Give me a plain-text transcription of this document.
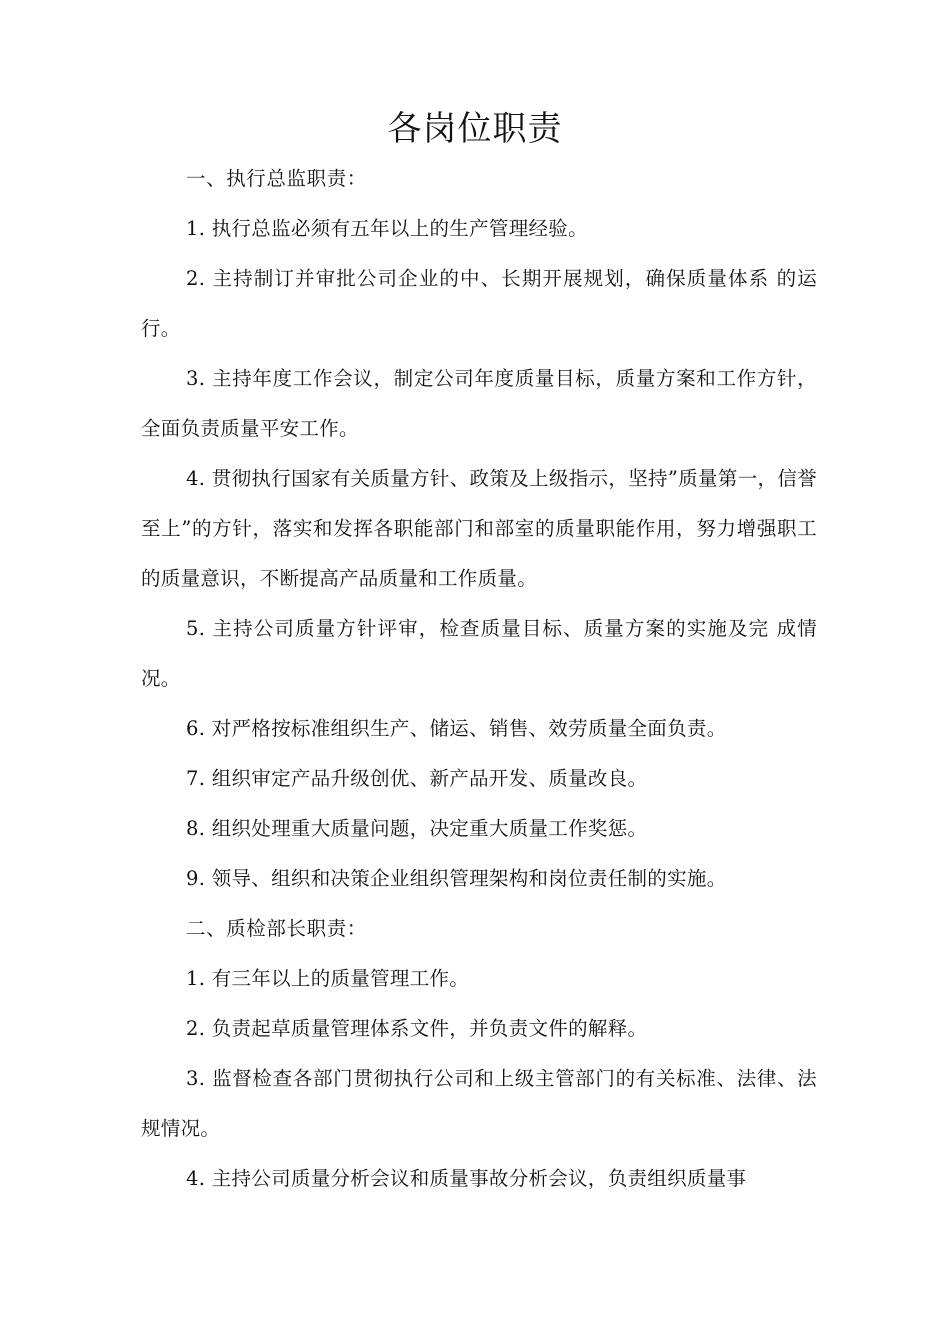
各岗位职责

一、执行总监职责：

1. 执行总监必须有五年以上的生产管理经验。

2. 主持制订并审批公司企业的中、长期开展规划，确保质量体系 的运行。

3. 主持年度工作会议，制定公司年度质量目标，质量方案和工作方针，全面负责质量平安工作。

4. 贯彻执行国家有关质量方针、政策及上级指示，坚持”质量第一，信誉至上”的方针，落实和发挥各职能部门和部室的质量职能作用，努力增强职工的质量意识，不断提高产品质量和工作质量。

5. 主持公司质量方针评审，检查质量目标、质量方案的实施及完 成情况。

6. 对严格按标准组织生产、储运、销售、效劳质量全面负责。

7. 组织审定产品升级创优、新产品开发、质量改良。

8. 组织处理重大质量问题，决定重大质量工作奖惩。

9. 领导、组织和决策企业组织管理架构和岗位责任制的实施。

二、质检部长职责：

1. 有三年以上的质量管理工作。

2. 负责起草质量管理体系文件，并负责文件的解释。

3. 监督检查各部门贯彻执行公司和上级主管部门的有关标准、法律、法规情况。

4. 主持公司质量分析会议和质量事故分析会议，负责组织质量事
